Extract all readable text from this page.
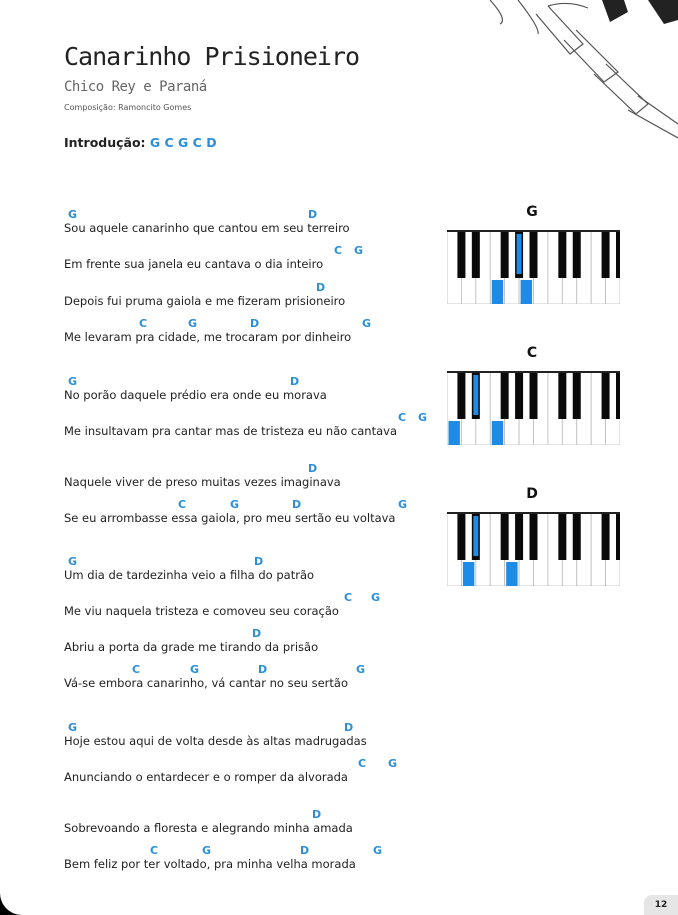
Canarinho Prisioneiro
Chico Rey e Paraná
Composição: Ramoncito Gomes
Introdução: G C G C D
G	D
Sou aquele canarinho que cantou em seu terreiro
C G
Em frente sua janela eu cantava o dia inteiro
D
Depois fui pruma gaiola e me fizeram prisioneiro
C	G	D	G
Me levaram pra cidade, me trocaram por dinheiro
G	D
No porão daquele prédio era onde eu morava
C G
Me insultavam pra cantar mas de tristeza eu não cantava
D
Naquele viver de preso muitas vezes imaginava
C	G	D	G
Se eu arrombasse essa gaiola, pro meu sertão eu voltava
G	D
Um dia de tardezinha veio a filha do patrão
C G
Me viu naquela tristeza e comoveu seu coração
D
Abriu a porta da grade me tirando da prisão
C	G	D	G
Vá-se embora canarinho, vá cantar no seu sertão
G	D
Hoje estou aqui de volta desde às altas madrugadas
C G
Anunciando o entardecer e o romper da alvorada
D
Sobrevoando a floresta e alegrando minha amada
C	G	D	G
Bem feliz por ter voltado, pra minha velha morada
G
C
D
12
